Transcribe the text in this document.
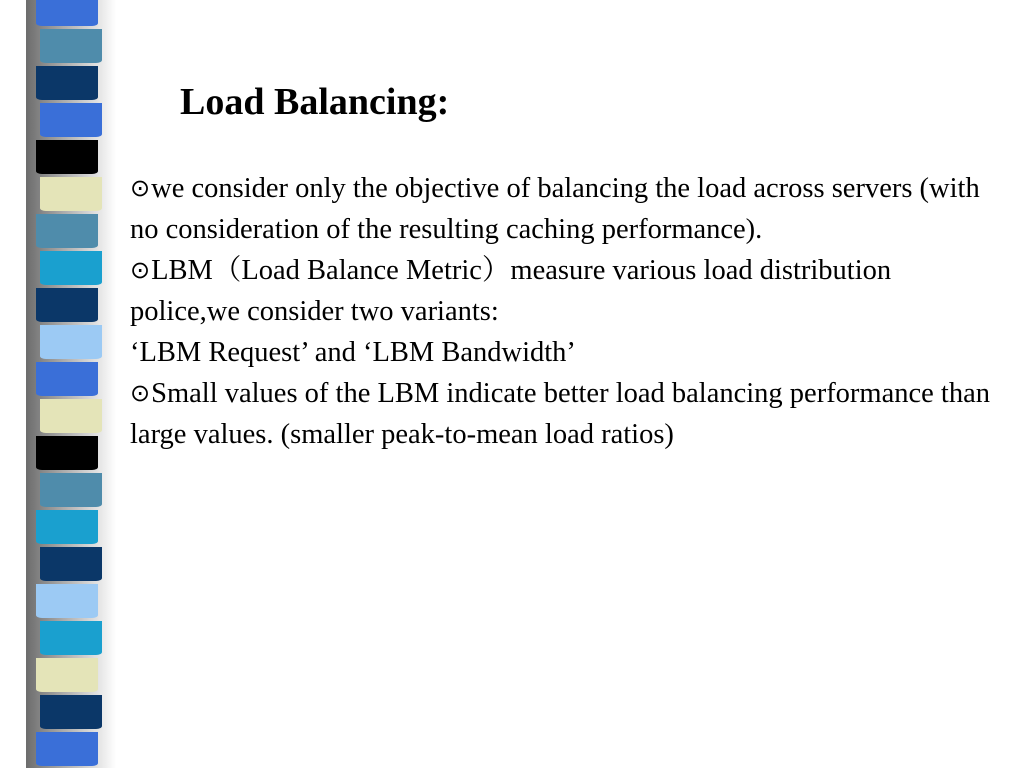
Load Balancing:

⊙we consider only the objective of balancing the load across servers (with no consideration of the resulting caching performance).

⊙LBM（Load Balance Metric）measure various load distribution police,we consider two variants:

‘LBM Request’ and ‘LBM Bandwidth’

⊙Small values of the LBM indicate better load balancing performance than large values. (smaller peak-to-mean load ratios)
